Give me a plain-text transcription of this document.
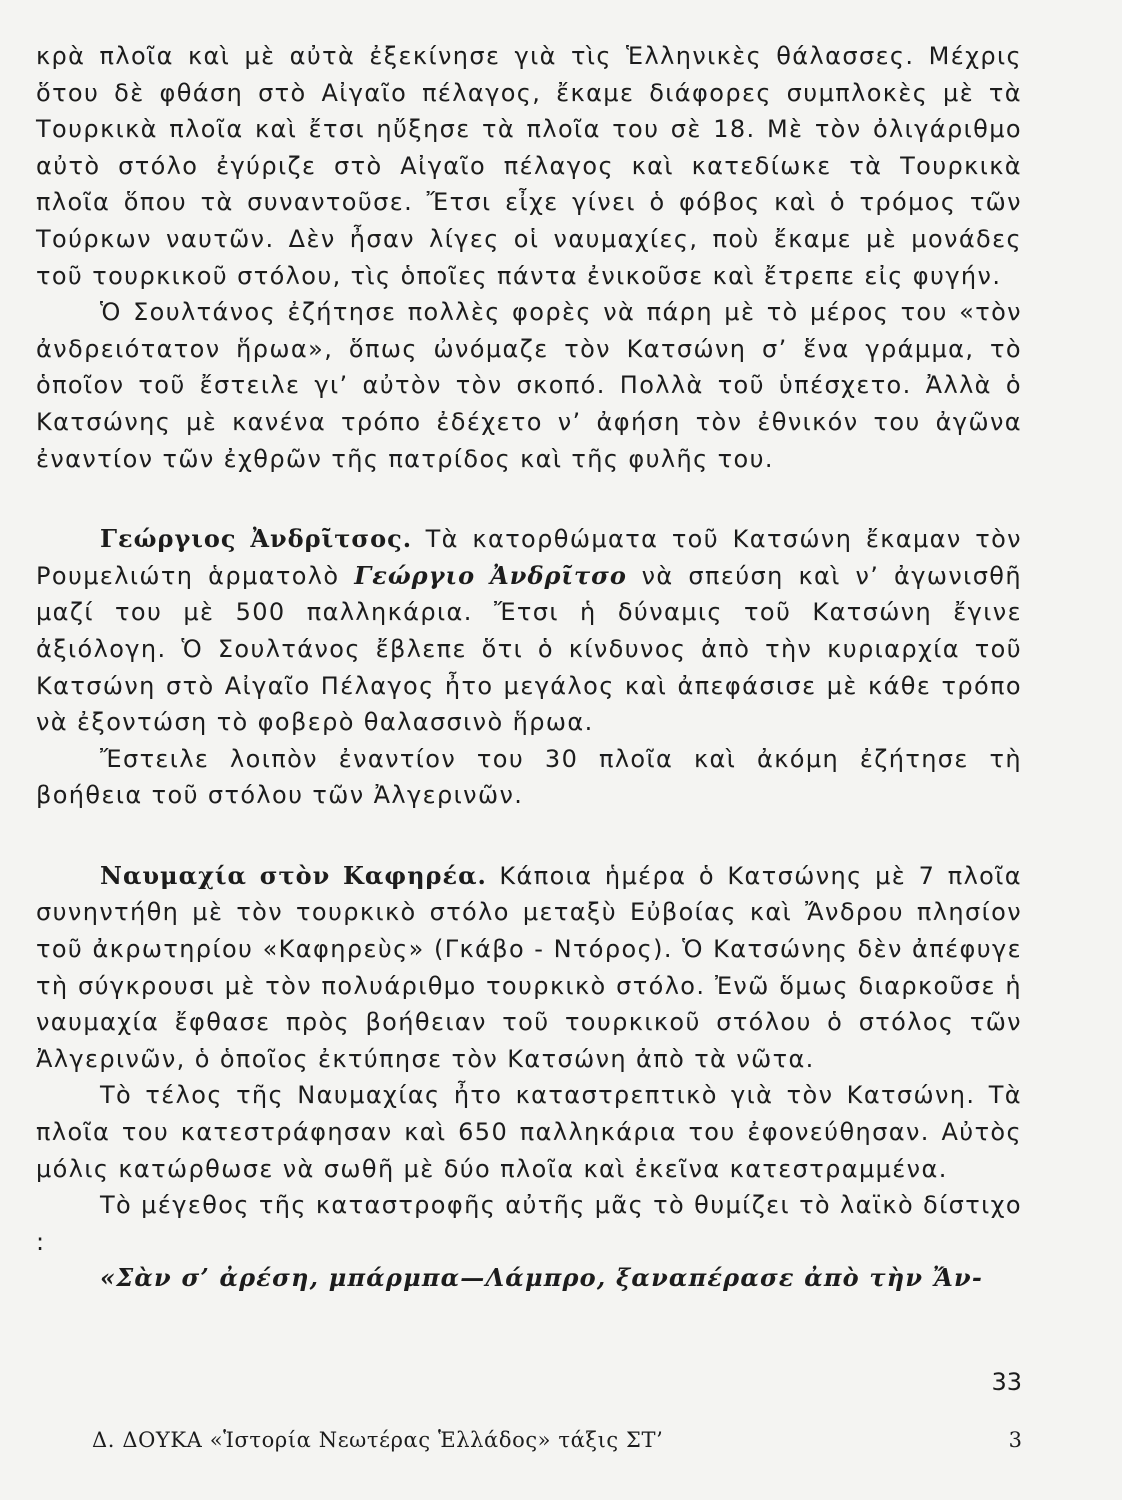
κρὰ πλοῖα καὶ μὲ αὐτὰ ἐξεκίνησε γιὰ τὶς Ἑλληνικὲς θάλασσες. Μέχρις ὅτου δὲ φθάση στὸ Αἰγαῖο πέλαγος, ἔκαμε διάφορες συμπλοκὲς μὲ τὰ Τουρκικὰ πλοῖα καὶ ἔτσι ηὔξησε τὰ πλοῖα του σὲ 18. Μὲ τὸν ὀλιγάριθμο αὐτὸ στόλο ἐγύριζε στὸ Αἰγαῖο πέλαγος καὶ κατεδίωκε τὰ Τουρκικὰ πλοῖα ὅπου τὰ συναντοῦσε. Ἔτσι εἶχε γίνει ὁ φόβος καὶ ὁ τρόμος τῶν Τούρκων ναυτῶν. Δὲν ἦσαν λίγες οἱ ναυμαχίες, ποὺ ἔκαμε μὲ μονάδες τοῦ τουρκικοῦ στόλου, τὶς ὁποῖες πάντα ἐνικοῦσε καὶ ἔτρεπε εἰς φυγήν.

Ὁ Σουλτάνος ἐζήτησε πολλὲς φορὲς νὰ πάρη μὲ τὸ μέρος του «τὸν ἀνδρειότατον ἥρωα», ὅπως ὠνόμαζε τὸν Κατσώνη σ’ ἕνα γράμμα, τὸ ὁποῖον τοῦ ἔστειλε γι’ αὐτὸν τὸν σκοπό. Πολλὰ τοῦ ὑπέσχετο. Ἀλλὰ ὁ Κατσώνης μὲ κανένα τρόπο ἐδέχετο ν’ ἀφήση τὸν ἐθνικόν του ἀγῶνα ἐναντίον τῶν ἐχθρῶν τῆς πατρίδος καὶ τῆς φυλῆς του.

Γεώργιος Ἀνδρῖτσος. Τὰ κατορθώματα τοῦ Κατσώνη ἔκαμαν τὸν Ρουμελιώτη ἁρματολὸ Γεώργιο Ἀνδρῖτσο νὰ σπεύση καὶ ν’ ἀγωνισθῆ μαζί του μὲ 500 παλληκάρια. Ἔτσι ἡ δύναμις τοῦ Κατσώνη ἔγινε ἀξιόλογη. Ὁ Σουλτάνος ἔβλεπε ὅτι ὁ κίνδυνος ἀπὸ τὴν κυριαρχία τοῦ Κατσώνη στὸ Αἰγαῖο Πέλαγος ἦτο μεγάλος καὶ ἀπεφάσισε μὲ κάθε τρόπο νὰ ἐξοντώση τὸ φοβερὸ θαλασσινὸ ἥρωα.

Ἔστειλε λοιπὸν ἐναντίον του 30 πλοῖα καὶ ἀκόμη ἐζήτησε τὴ βοήθεια τοῦ στόλου τῶν Ἀλγερινῶν.

Ναυμαχία στὸν Καφηρέα. Κάποια ἡμέρα ὁ Κατσώνης μὲ 7 πλοῖα συνηντήθη μὲ τὸν τουρκικὸ στόλο μεταξὺ Εὐβοίας καὶ Ἄνδρου πλησίον τοῦ ἀκρωτηρίου «Καφηρεὺς» (Γκάβο - Ντόρος). Ὁ Κατσώνης δὲν ἀπέφυγε τὴ σύγκρουσι μὲ τὸν πολυάριθμο τουρκικὸ στόλο. Ἐνῶ ὅμως διαρκοῦσε ἡ ναυμαχία ἔφθασε πρὸς βοήθειαν τοῦ τουρκικοῦ στόλου ὁ στόλος τῶν Ἀλγερινῶν, ὁ ὁποῖος ἐκτύπησε τὸν Κατσώνη ἀπὸ τὰ νῶτα.

Τὸ τέλος τῆς Ναυμαχίας ἦτο καταστρεπτικὸ γιὰ τὸν Κατσώνη. Τὰ πλοῖα του κατεστράφησαν καὶ 650 παλληκάρια του ἐφονεύθησαν. Αὐτὸς μόλις κατώρθωσε νὰ σωθῆ μὲ δύο πλοῖα καὶ ἐκεῖνα κατεστραμμένα.

Τὸ μέγεθος τῆς καταστροφῆς αὐτῆς μᾶς τὸ θυμίζει τὸ λαϊκὸ δίστιχο :

«Σὰν σ’ ἀρέση, μπάρμπα—Λάμπρο, ξαναπέρασε ἀπὸ τὴν Ἄν-

33
Δ. ΔΟΥΚΑ «Ἱστορία Νεωτέρας Ἑλλάδος» τάξις ΣΤ’	3
